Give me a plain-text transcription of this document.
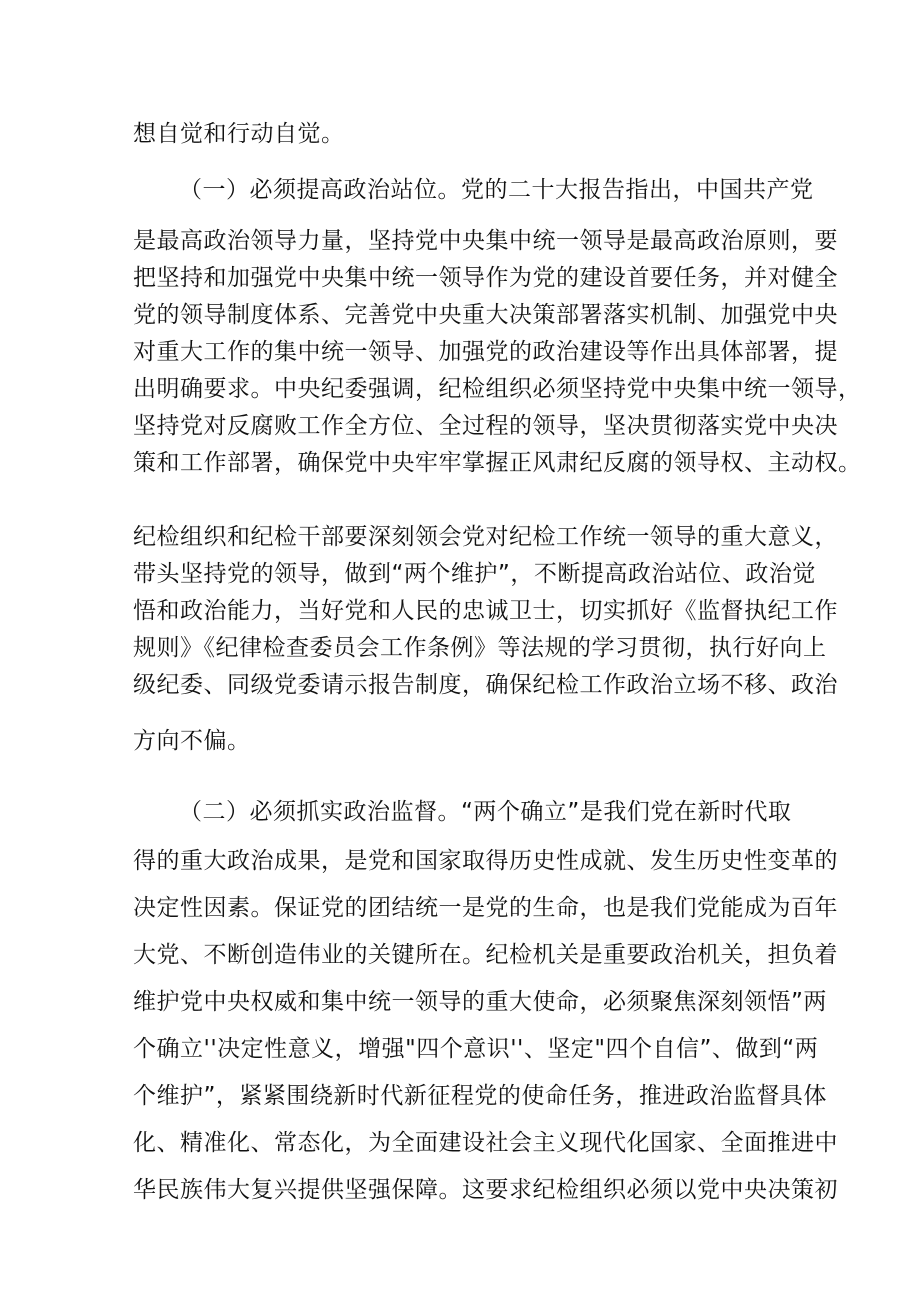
想自觉和行动自觉。
（一）必须提高政治站位。党的二十大报告指出，中国共产党
是最高政治领导力量，坚持党中央集中统一领导是最高政治原则，要
把坚持和加强党中央集中统一领导作为党的建设首要任务，并对健全
党的领导制度体系、完善党中央重大决策部署落实机制、加强党中央
对重大工作的集中统一领导、加强党的政治建设等作出具体部署，提
出明确要求。中央纪委强调，纪检组织必须坚持党中央集中统一领导，
坚持党对反腐败工作全方位、全过程的领导，坚决贯彻落实党中央决
策和工作部署，确保党中央牢牢掌握正风肃纪反腐的领导权、主动权。
纪检组织和纪检干部要深刻领会党对纪检工作统一领导的重大意义，
带头坚持党的领导，做到“两个维护”，不断提高政治站位、政治觉
悟和政治能力，当好党和人民的忠诚卫士，切实抓好《监督执纪工作
规则》《纪律检查委员会工作条例》等法规的学习贯彻，执行好向上
级纪委、同级党委请示报告制度，确保纪检工作政治立场不移、政治
方向不偏。
（二）必须抓实政治监督。“两个确立”是我们党在新时代取
得的重大政治成果，是党和国家取得历史性成就、发生历史性变革的
决定性因素。保证党的团结统一是党的生命，也是我们党能成为百年
大党、不断创造伟业的关键所在。纪检机关是重要政治机关，担负着
维护党中央权威和集中统一领导的重大使命，必须聚焦深刻领悟”两
个确立''决定性意义，增强"四个意识''、坚定"四个自信”、做到“两
个维护”，紧紧围绕新时代新征程党的使命任务，推进政治监督具体
化、精准化、常态化，为全面建设社会主义现代化国家、全面推进中
华民族伟大复兴提供坚强保障。这要求纪检组织必须以党中央决策初
